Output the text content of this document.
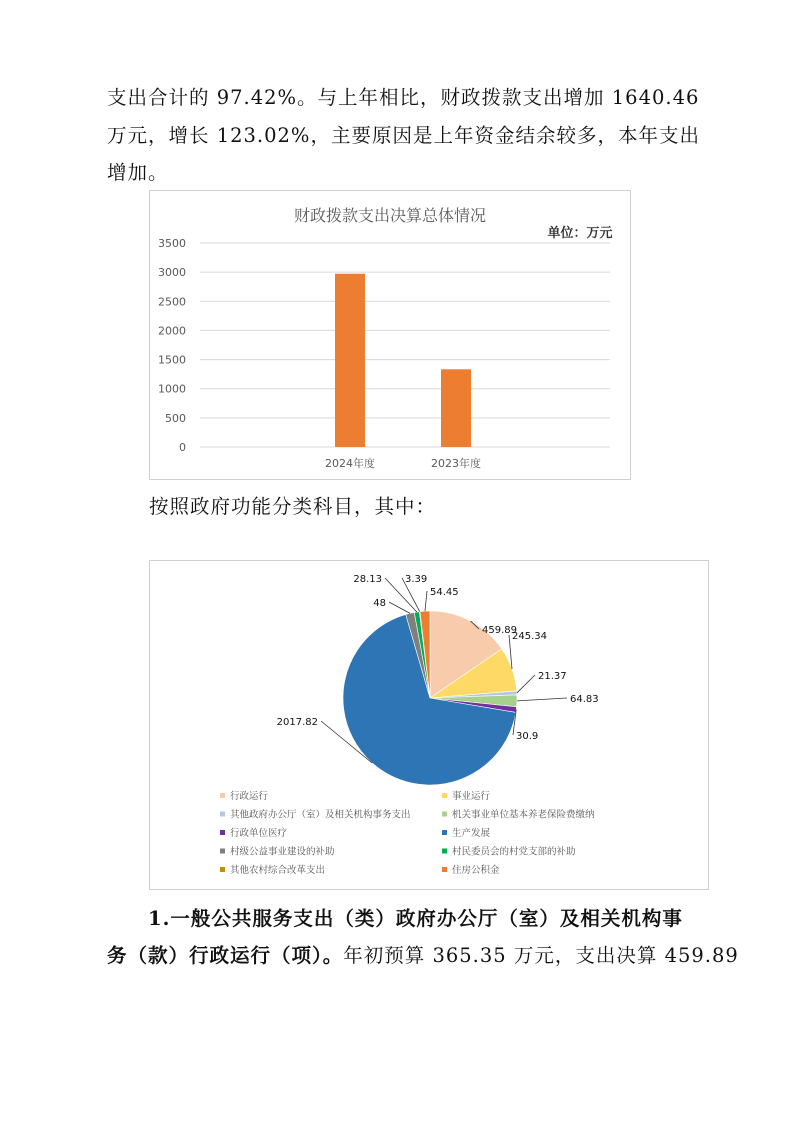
支出合计的 97.42%。与上年相比，财政拨款支出增加 1640.46
万元，增长 123.02%，主要原因是上年资金结余较多，本年支出
增加。
财政拨款支出决算总体情况
单位：万元
0
500
1000
1500
2000
2500
3000
3500
2024年度	2023年度
按照政府功能分类科目，其中：
459.89
245.34
21.37
64.83
30.9
2017.82
48
28.13 3.39
54.45
行政运行	事业运行
其他政府办公厅（室）及相关机构事务支出	机关事业单位基本养老保险费缴纳
行政单位医疗	生产发展
村级公益事业建设的补助	村民委员会的村党支部的补助
其他农村综合改革支出	住房公积金
1.一般公共服务支出（类）政府办公厅（室）及相关机构事
务（款）行政运行（项）。年初预算 365.35 万元，支出决算 459.89
